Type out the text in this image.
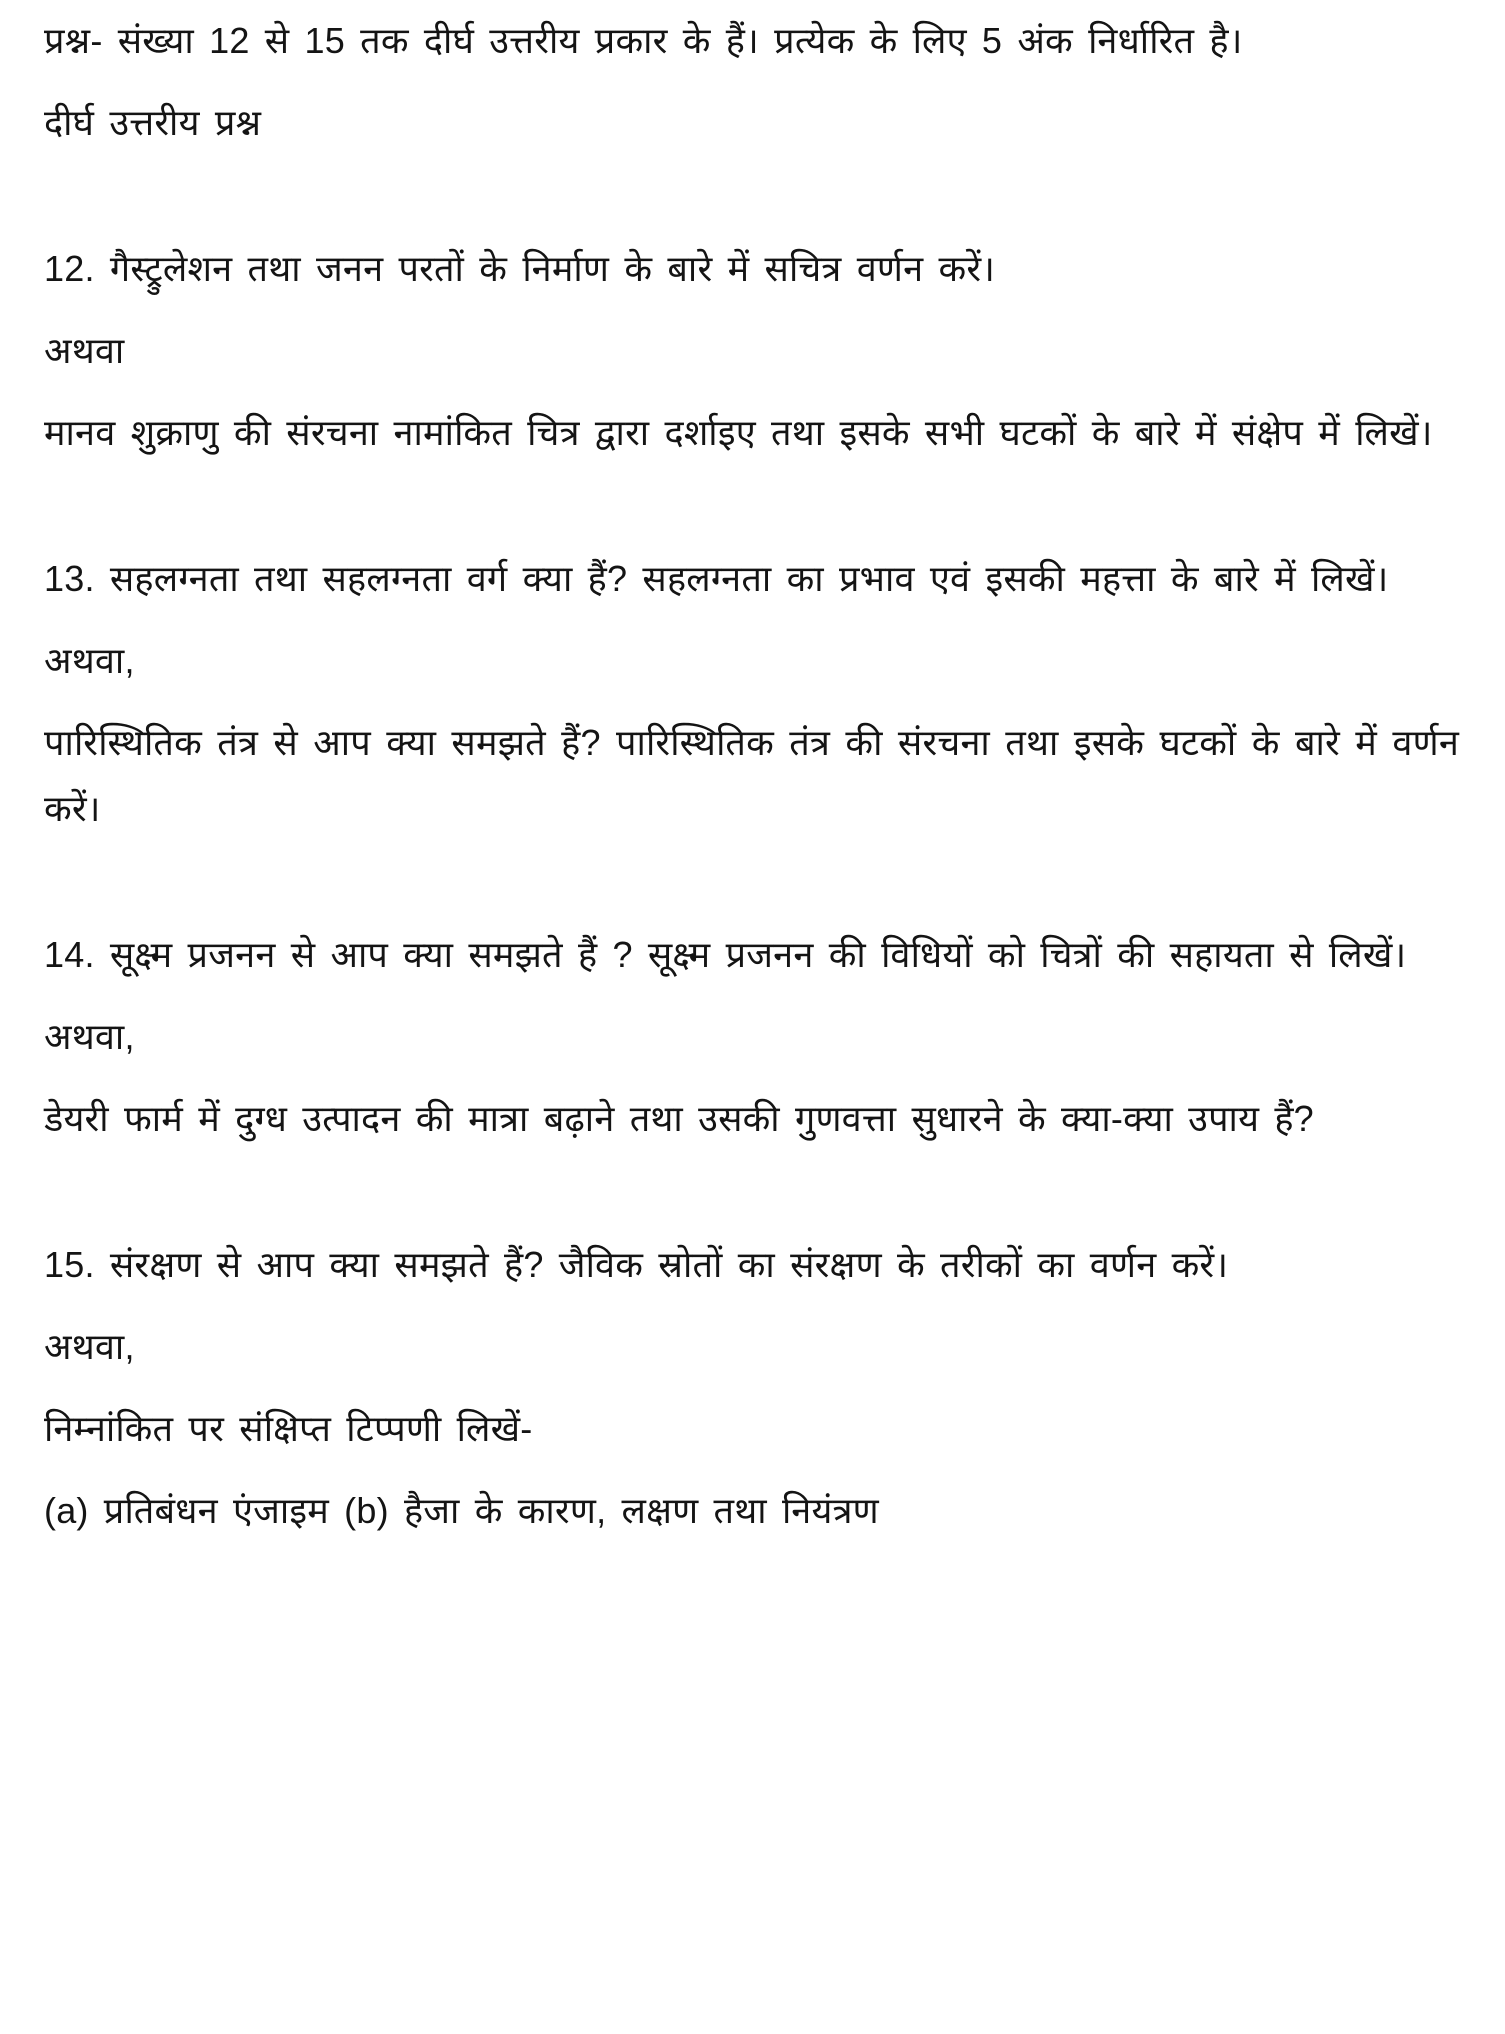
प्रश्न- संख्या 12 से 15 तक दीर्घ उत्तरीय प्रकार के हैं। प्रत्येक के लिए 5 अंक निर्धारित है।

दीर्घ उत्तरीय प्रश्न

12. गैस्ट्रुलेशन तथा जनन परतों के निर्माण के बारे में सचित्र वर्णन करें।

अथवा

मानव शुक्राणु की संरचना नामांकित चित्र द्वारा दर्शाइए तथा इसके सभी घटकों के बारे में संक्षेप में लिखें।

13. सहलग्नता तथा सहलग्नता वर्ग क्या हैं? सहलग्नता का प्रभाव एवं इसकी महत्ता के बारे में लिखें।

अथवा,

पारिस्थितिक तंत्र से आप क्या समझते हैं? पारिस्थितिक तंत्र की संरचना तथा इसके घटकों के बारे में वर्णन करें।

14. सूक्ष्म प्रजनन से आप क्या समझते हैं ? सूक्ष्म प्रजनन की विधियों को चित्रों की सहायता से लिखें।

अथवा,

डेयरी फार्म में दुग्ध उत्पादन की मात्रा बढ़ाने तथा उसकी गुणवत्ता सुधारने के क्या-क्या उपाय हैं?

15. संरक्षण से आप क्या समझते हैं? जैविक स्रोतों का संरक्षण के तरीकों का वर्णन करें।

अथवा,

निम्नांकित पर संक्षिप्त टिप्पणी लिखें-

(a) प्रतिबंधन एंजाइम (b) हैजा के कारण, लक्षण तथा नियंत्रण
